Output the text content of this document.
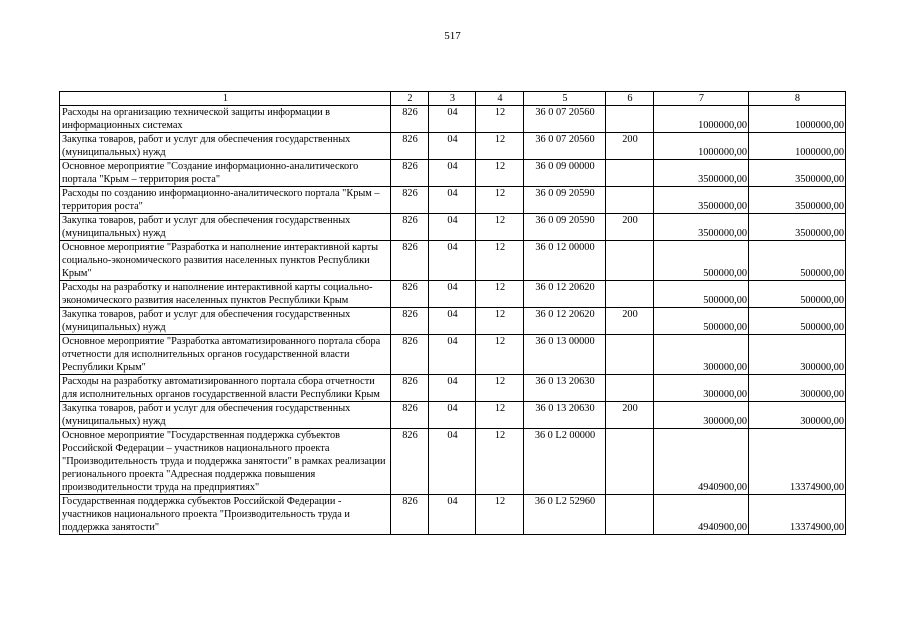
517
1	2	3	4	5	6	7	8
Расходы на организацию технической защиты информации в информационных системах	826	04	12	36 0 07 20560		1000000,00	1000000,00
Закупка товаров, работ и услуг для обеспечения государственных (муниципальных) нужд	826	04	12	36 0 07 20560	200	1000000,00	1000000,00
Основное мероприятие "Создание информационно-аналитического портала "Крым – территория роста"	826	04	12	36 0 09 00000		3500000,00	3500000,00
Расходы по созданию информационно-аналитического портала "Крым – территория роста"	826	04	12	36 0 09 20590		3500000,00	3500000,00
Закупка товаров, работ и услуг для обеспечения государственных (муниципальных) нужд	826	04	12	36 0 09 20590	200	3500000,00	3500000,00
Основное мероприятие "Разработка и наполнение интерактивной карты социально-экономического развития населенных пунктов Республики Крым"	826	04	12	36 0 12 00000		500000,00	500000,00
Расходы на разработку и наполнение интерактивной карты социально-экономического развития населенных пунктов Республики Крым	826	04	12	36 0 12 20620		500000,00	500000,00
Закупка товаров, работ и услуг для обеспечения государственных (муниципальных) нужд	826	04	12	36 0 12 20620	200	500000,00	500000,00
Основное мероприятие "Разработка автоматизированного портала сбора отчетности для исполнительных органов государственной власти Республики Крым"	826	04	12	36 0 13 00000		300000,00	300000,00
Расходы на разработку автоматизированного портала сбора отчетности для исполнительных органов государственной власти Республики Крым	826	04	12	36 0 13 20630		300000,00	300000,00
Закупка товаров, работ и услуг для обеспечения государственных (муниципальных) нужд	826	04	12	36 0 13 20630	200	300000,00	300000,00
Основное мероприятие "Государственная поддержка субъектов Российской Федерации – участников национального проекта "Производительность труда и поддержка занятости" в рамках реализации регионального проекта "Адресная поддержка повышения производительности труда на предприятиях"	826	04	12	36 0 L2 00000		4940900,00	13374900,00
Государственная поддержка субъектов Российской Федерации - участников национального проекта "Производительность труда и поддержка занятости"	826	04	12	36 0 L2 52960		4940900,00	13374900,00
